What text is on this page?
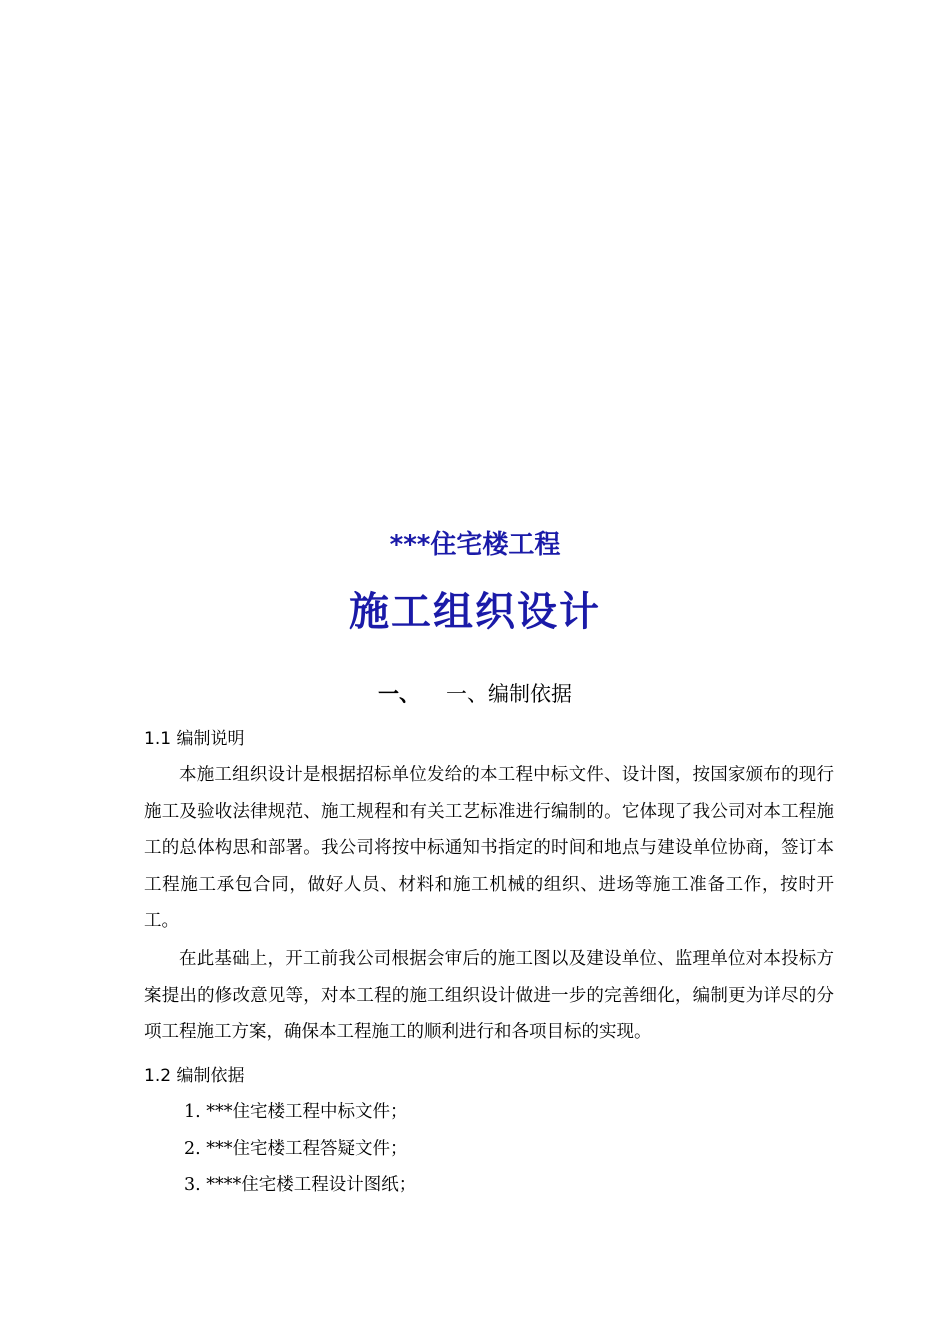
***住宅楼工程
施工组织设计
一、 一、编制依据
1.1 编制说明

本施工组织设计是根据招标单位发给的本工程中标文件、设计图，按国家颁布的现行施工及验收法律规范、施工规程和有关工艺标准进行编制的。它体现了我公司对本工程施工的总体构思和部署。我公司将按中标通知书指定的时间和地点与建设单位协商，签订本工程施工承包合同，做好人员、材料和施工机械的组织、进场等施工准备工作，按时开工。

在此基础上，开工前我公司根据会审后的施工图以及建设单位、监理单位对本投标方案提出的修改意见等，对本工程的施工组织设计做进一步的完善细化，编制更为详尽的分项工程施工方案，确保本工程施工的顺利进行和各项目标的实现。

1.2 编制依据
1. ***住宅楼工程中标文件；
2. ***住宅楼工程答疑文件；
3. ****住宅楼工程设计图纸；
